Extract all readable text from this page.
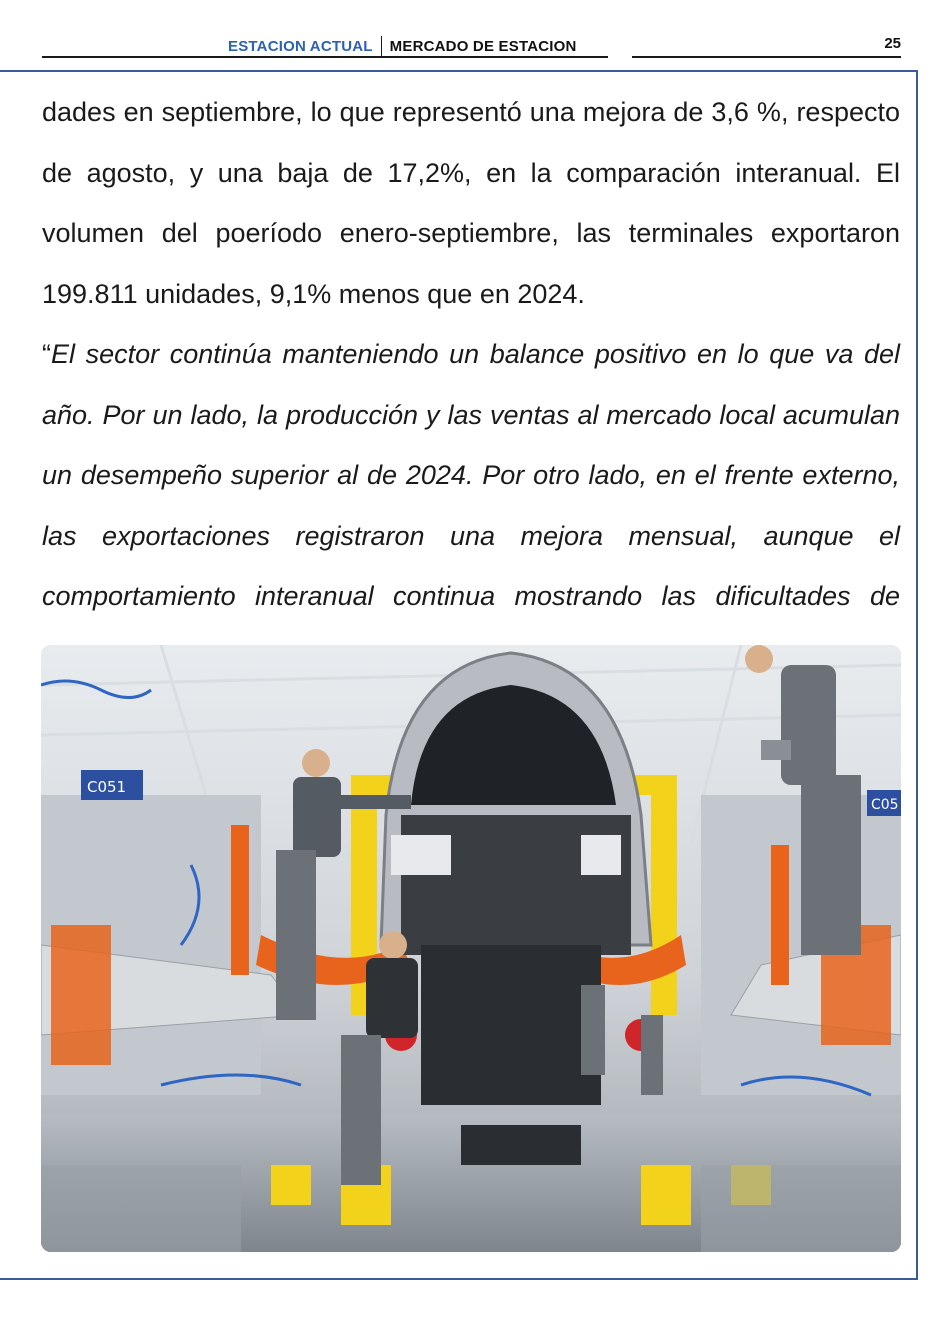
ESTACION ACTUAL MERCADO DE ESTACION	25

dades en septiembre, lo que representó una mejora de 3,6 %, respecto de agosto, y una baja de 17,2%, en la comparación interanual. El volumen del poeríodo enero-septiembre, las terminales exportaron 199.811 unidades, 9,1% menos que en 2024.

“El sector continúa manteniendo un balance positivo en lo que va del año. Por un lado, la producción y las ventas al mercado local acumulan un desempeño superior al de 2024. Por otro lado, en el frente externo, las exportaciones registraron una mejora mensual, aunque el comportamiento interanual continua mostrando las dificultades de

C051
C05
